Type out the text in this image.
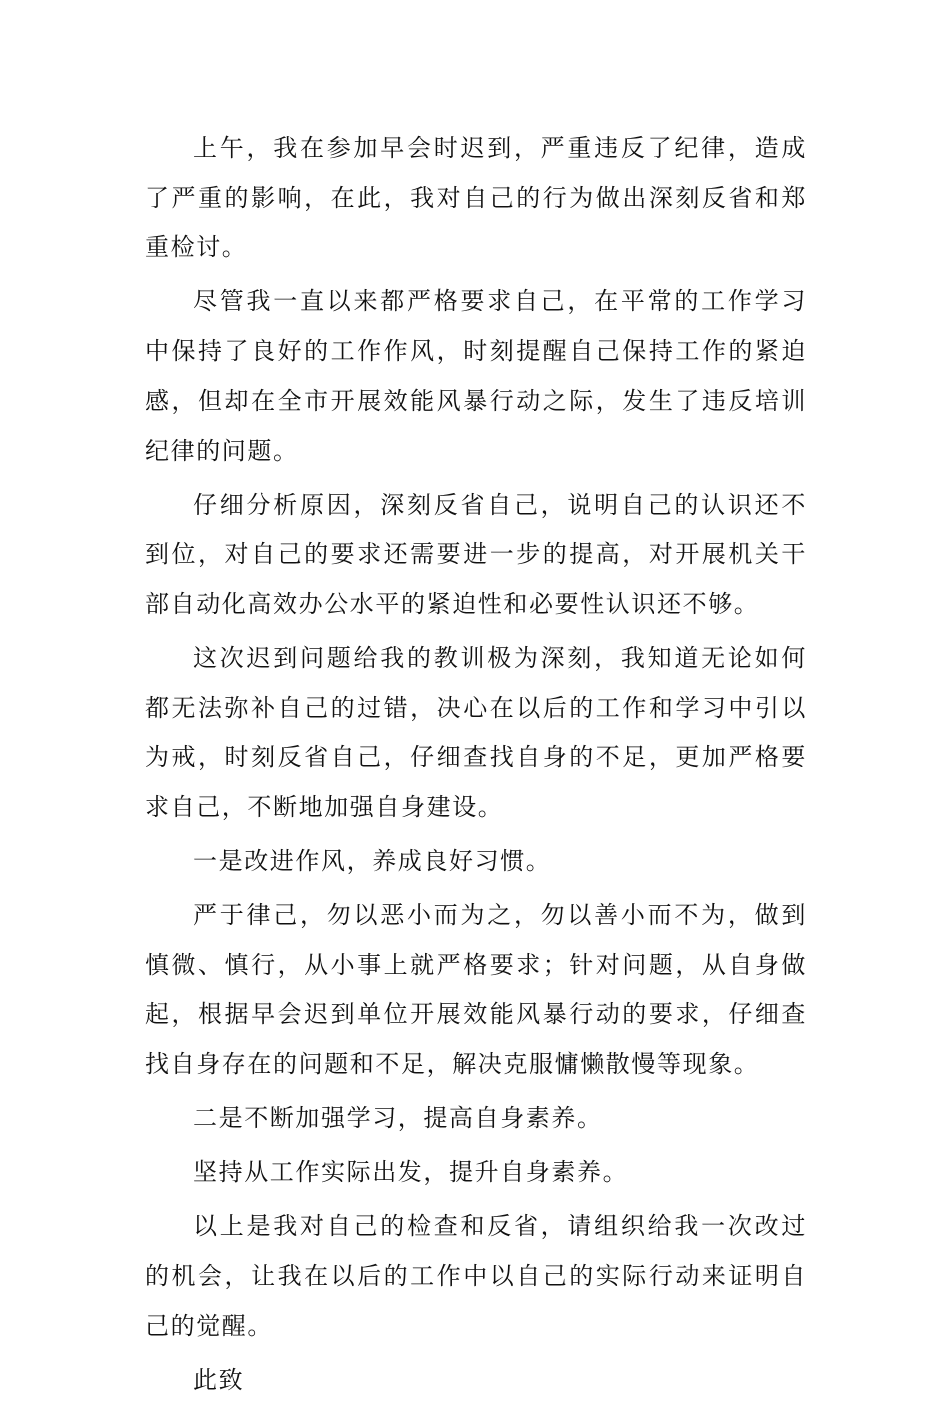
上午，我在参加早会时迟到，严重违反了纪律，造成了严重的影响，在此，我对自己的行为做出深刻反省和郑重检讨。

尽管我一直以来都严格要求自己，在平常的工作学习中保持了良好的工作作风，时刻提醒自己保持工作的紧迫感，但却在全市开展效能风暴行动之际，发生了违反培训纪律的问题。

仔细分析原因，深刻反省自己，说明自己的认识还不到位，对自己的要求还需要进一步的提高，对开展机关干部自动化高效办公水平的紧迫性和必要性认识还不够。

这次迟到问题给我的教训极为深刻，我知道无论如何都无法弥补自己的过错，决心在以后的工作和学习中引以为戒，时刻反省自己，仔细查找自身的不足，更加严格要求自己，不断地加强自身建设。

一是改进作风，养成良好习惯。

严于律己，勿以恶小而为之，勿以善小而不为，做到慎微、慎行，从小事上就严格要求；针对问题，从自身做起，根据早会迟到单位开展效能风暴行动的要求，仔细查找自身存在的问题和不足，解决克服慵懒散慢等现象。

二是不断加强学习，提高自身素养。

坚持从工作实际出发，提升自身素养。

以上是我对自己的检查和反省，请组织给我一次改过的机会，让我在以后的工作中以自己的实际行动来证明自己的觉醒。

此致
